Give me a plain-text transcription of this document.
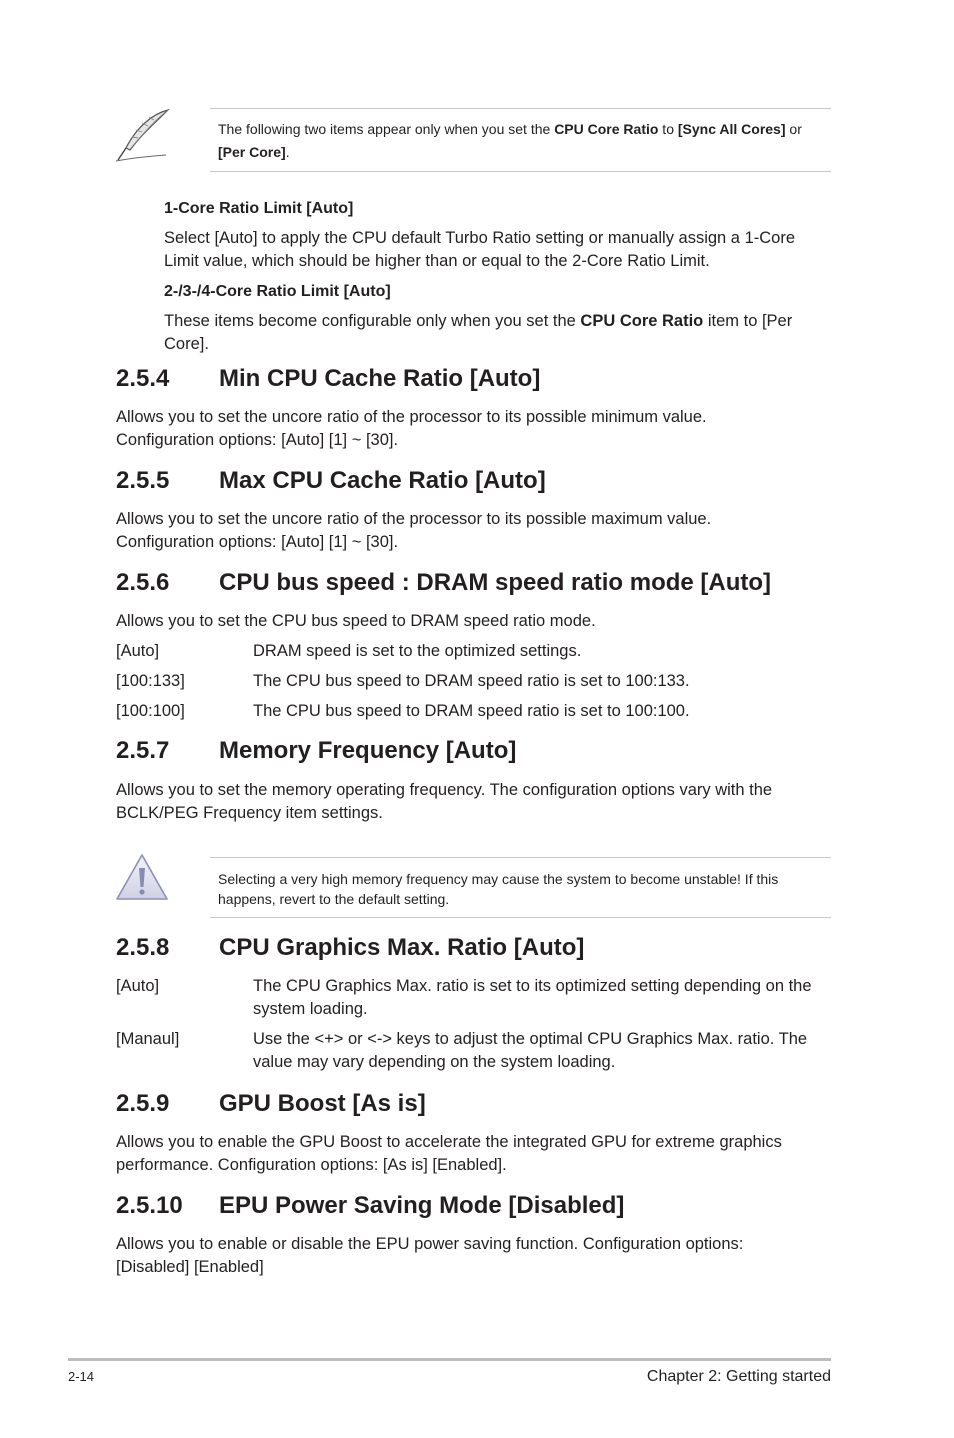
The following two items appear only when you set the CPU Core Ratio to [Sync All Cores] or [Per Core].
1-Core Ratio Limit [Auto]
Select [Auto] to apply the CPU default Turbo Ratio setting or manually assign a 1-Core Limit value, which should be higher than or equal to the 2-Core Ratio Limit.
2-/3-/4-Core Ratio Limit [Auto]
These items become configurable only when you set the CPU Core Ratio item to [Per Core].
2.5.4 Min CPU Cache Ratio [Auto]
Allows you to set the uncore ratio of the processor to its possible minimum value. Configuration options: [Auto] [1] ~ [30].
2.5.5 Max CPU Cache Ratio [Auto]
Allows you to set the uncore ratio of the processor to its possible maximum value. Configuration options: [Auto] [1] ~ [30].
2.5.6 CPU bus speed : DRAM speed ratio mode [Auto]
Allows you to set the CPU bus speed to DRAM speed ratio mode.
[Auto]	DRAM speed is set to the optimized settings.
[100:133]	The CPU bus speed to DRAM speed ratio is set to 100:133.
[100:100]	The CPU bus speed to DRAM speed ratio is set to 100:100.
2.5.7 Memory Frequency [Auto]
Allows you to set the memory operating frequency. The configuration options vary with the BCLK/PEG Frequency item settings.
Selecting a very high memory frequency may cause the system to become unstable! If this happens, revert to the default setting.
2.5.8 CPU Graphics Max. Ratio [Auto]
[Auto]	The CPU Graphics Max. ratio is set to its optimized setting depending on the system loading.
[Manaul]	Use the <+> or <-> keys to adjust the optimal CPU Graphics Max. ratio. The value may vary depending on the system loading.
2.5.9 GPU Boost [As is]
Allows you to enable the GPU Boost to accelerate the integrated GPU for extreme graphics performance. Configuration options: [As is] [Enabled].
2.5.10 EPU Power Saving Mode [Disabled]
Allows you to enable or disable the EPU power saving function. Configuration options: [Disabled] [Enabled]
2-14	Chapter 2: Getting started
